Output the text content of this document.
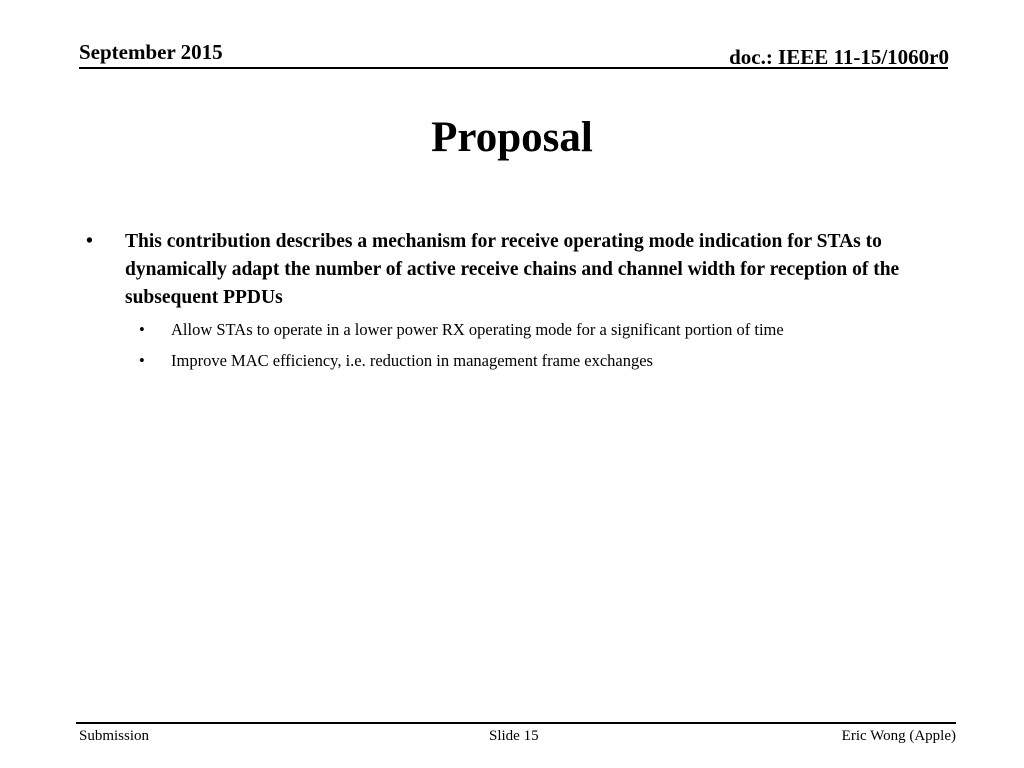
September 2015	doc.: IEEE 11-15/1060r0
Proposal
• This contribution describes a mechanism for receive operating mode indication for STAs to dynamically adapt the number of active receive chains and channel width for reception of the subsequent PPDUs
• Allow STAs to operate in a lower power RX operating mode for a significant portion of time
• Improve MAC efficiency, i.e. reduction in management frame exchanges
Submission	Slide 15	Eric Wong (Apple)
